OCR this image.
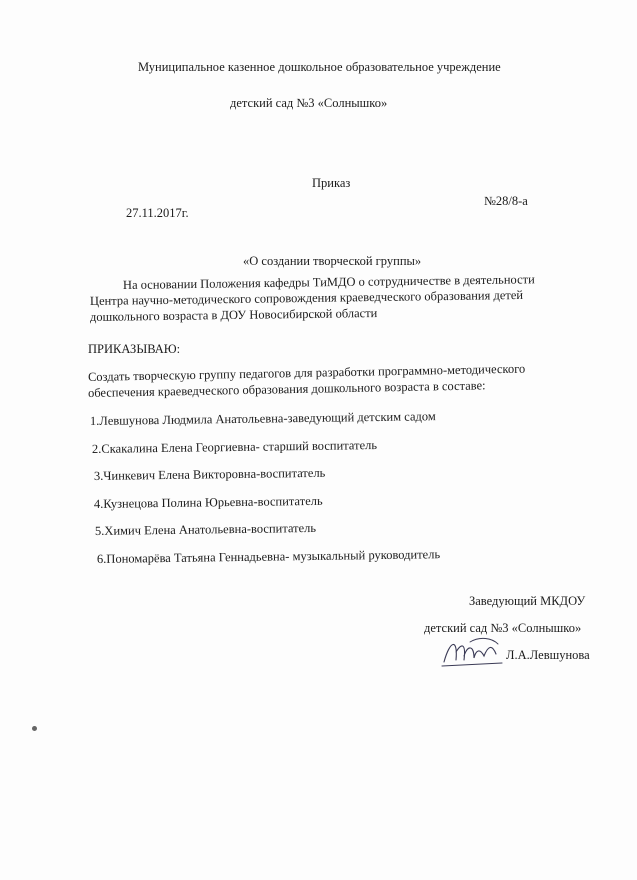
Муниципальное казенное дошкольное образовательное учреждение
детский сад №3 «Солнышко»
Приказ
№28/8-а
27.11.2017г.
«О создании творческой группы»
На основании Положения кафедры ТиМДО о сотрудничестве в деятельности
Центра научно-методического сопровождения краеведческого образования детей
дошкольного возраста в ДОУ Новосибирской области
ПРИКАЗЫВАЮ:
Создать творческую группу педагогов для разработки программно-методического
обеспечения краеведческого образования дошкольного возраста в составе:
1.Левшунова Людмила Анатольевна-заведующий детским садом
2.Скакалина Елена Георгиевна- старший воспитатель
3.Чинкевич Елена Викторовна-воспитатель
4.Кузнецова Полина Юрьевна-воспитатель
5.Химич Елена Анатольевна-воспитатель
6.Пономарёва Татьяна Геннадьевна- музыкальный руководитель
Заведующий МКДОУ
детский сад №3 «Солнышко»
Л.А.Левшунова
